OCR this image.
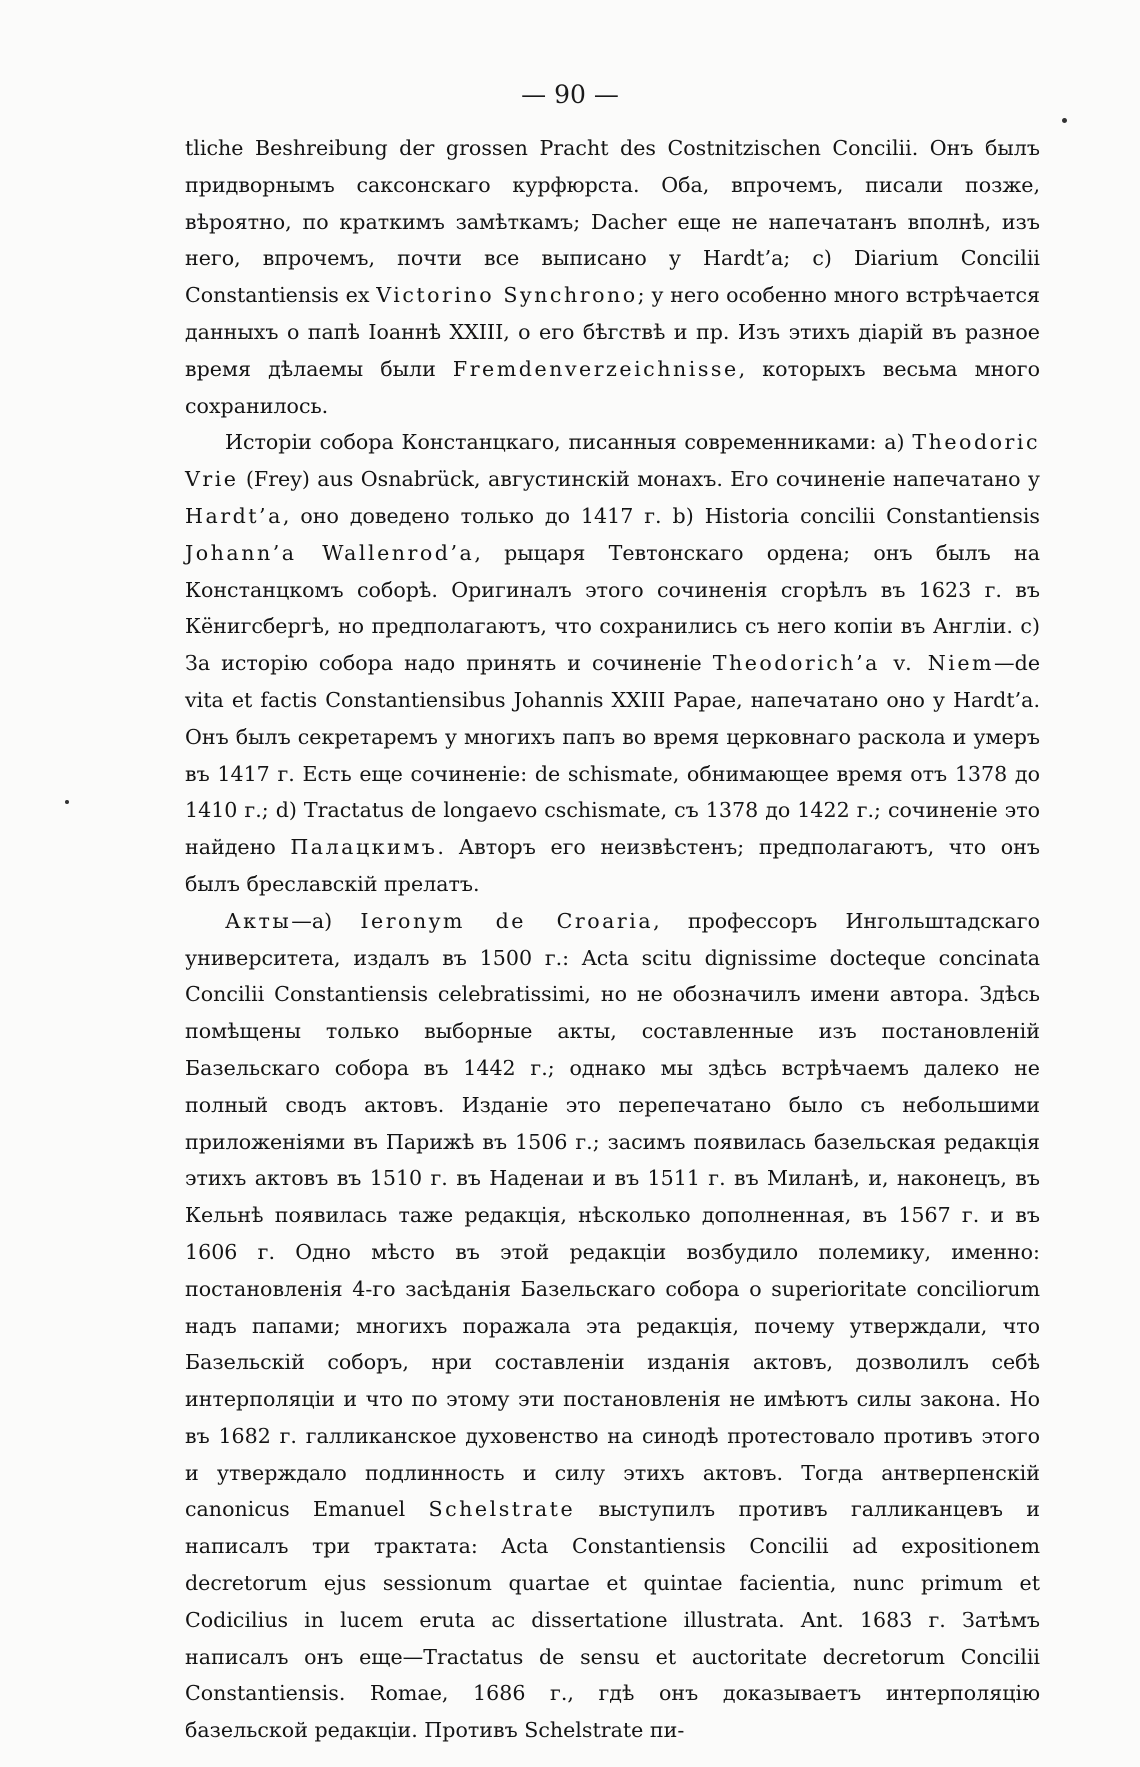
— 90 —

tliche Beshreibung der grossen Pracht des Costnitzischen Concilii. Онъ былъ придворнымъ саксонскаго курфюрста. Оба, впрочемъ, писали позже, вѣроятно, по краткимъ замѣткамъ; Dacher еще не напечатанъ вполнѣ, изъ него, впрочемъ, почти все выписано у Hardt’a; c) Diarium Concilii Constantiensis ex Victorino Synchrono; у него особенно много встрѣчается данныхъ о папѣ Іоаннѣ XXIII, о его бѣгствѣ и пр. Изъ этихъ діарій въ разное время дѣлаемы были Fremdenverzeichnisse, которыхъ весьма много сохранилось.

Исторіи собора Констанцкаго, писанныя современниками: a) Theodoric Vrie (Frey) aus Osnabrück, августинскій монахъ. Его сочиненіе напечатано у Hardt’a, оно доведено только до 1417 г. b) Historia concilii Constantiensis Johann’a Wallenrod’a, рыцаря Тевтонскаго ордена; онъ былъ на Констанцкомъ соборѣ. Оригиналъ этого сочиненія сгорѣлъ въ 1623 г. въ Кёнигсбергѣ, но предполагаютъ, что сохранились съ него копіи въ Англіи. c) За исторію собора надо принять и сочиненіе Theodorich’a v. Niem—de vita et factis Constantiensibus Johannis XXIII Papae, напечатано оно у Hardt’a. Онъ былъ секретаремъ у многихъ папъ во время церковнаго раскола и умеръ въ 1417 г. Есть еще сочиненіе: de schismate, обнимающее время отъ 1378 до 1410 г.; d) Tractatus de longaevo cschismate, съ 1378 до 1422 г.; сочиненіе это найдено Палацкимъ. Авторъ его неизвѣстенъ; предполагаютъ, что онъ былъ бреславскій прелатъ.

Акты—a) Ieronym de Croaria, профессоръ Ингольштадскаго университета, издалъ въ 1500 г.: Acta scitu dignissime docteque concinata Concilii Constantiensis celebratissimi, но не обозначилъ имени автора. Здѣсь помѣщены только выборные акты, составленные изъ постановленій Базельскаго собора въ 1442 г.; однако мы здѣсь встрѣчаемъ далеко не полный сводъ актовъ. Изданіе это перепечатано было съ небольшими приложеніями въ Парижѣ въ 1506 г.; засимъ появилась базельская редакція этихъ актовъ въ 1510 г. въ Наденаи и въ 1511 г. въ Миланѣ, и, наконецъ, въ Кельнѣ появилась таже редакція, нѣсколько дополненная, въ 1567 г. и въ 1606 г. Одно мѣсто въ этой редакціи возбудило полемику, именно: постановленія 4-го засѣданія Базельскаго собора о superioritate conciliorum надъ папами; многихъ поражала эта редакція, почему утверждали, что Базельскій соборъ, нри составленіи изданія актовъ, дозволилъ себѣ интерполяціи и что по этому эти постановленія не имѣютъ силы закона. Но въ 1682 г. галликанское духовенство на синодѣ протестовало противъ этого и утверждало подлинность и силу этихъ актовъ. Тогда антверпенскій canonicus Emanuel Schelstrate выступилъ противъ галликанцевъ и написалъ три трактата: Acta Constantiensis Concilii ad expositionem decretorum ejus sessionum quartae et quintae facientia, nunc primum et Codicilius in lucem eruta ac dissertatione illustrata. Ant. 1683 г. Затѣмъ написалъ онъ еще—Tractatus de sensu et auctoritate decretorum Concilii Constantiensis. Romae, 1686 г., гдѣ онъ доказываетъ интерполяцію базельской редакціи. Противъ Schelstrate пи-
